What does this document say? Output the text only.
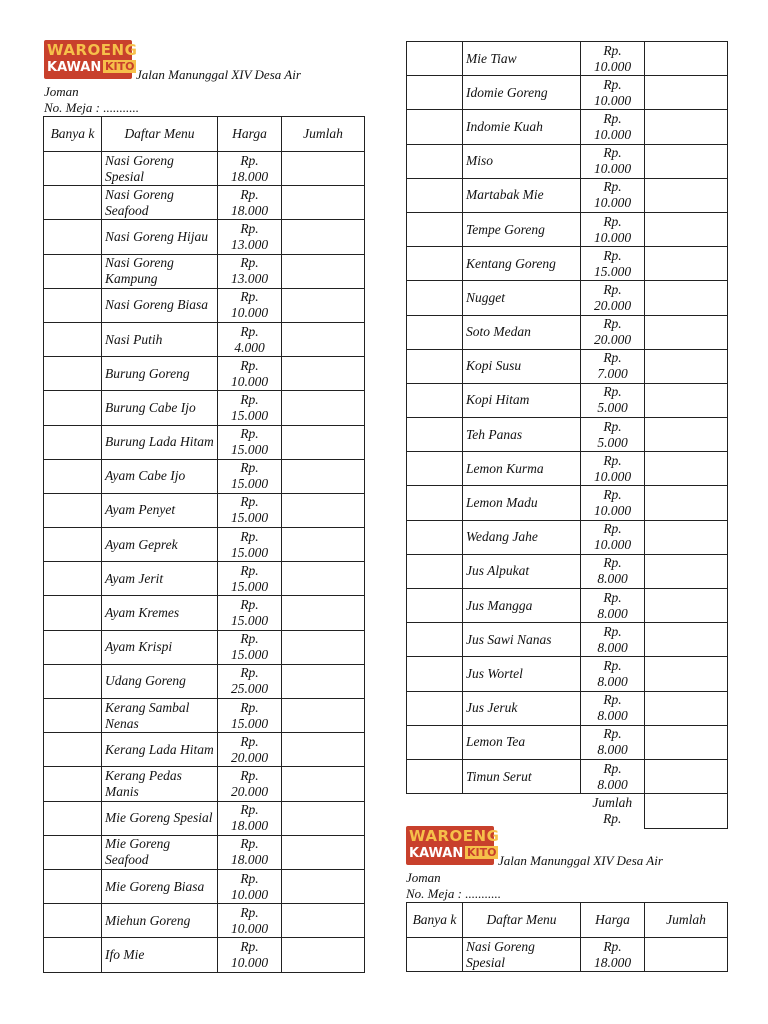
WAROENG
KAWAN KITO
Jalan Manunggal XIV Desa Air
Joman
No. Meja : ...........
Banya k	Daftar Menu	Harga	Jumlah
	Nasi Goreng Spesial	Rp.
18.000	
	Nasi Goreng Seafood	Rp.
18.000	
	Nasi Goreng Hijau	Rp.
13.000	
	Nasi Goreng Kampung	Rp.
13.000	
	Nasi Goreng Biasa	Rp.
10.000	
	Nasi Putih	Rp.
4.000	
	Burung Goreng	Rp.
10.000	
	Burung Cabe Ijo	Rp.
15.000	
	Burung Lada Hitam	Rp.
15.000	
	Ayam Cabe Ijo	Rp.
15.000	
	Ayam Penyet	Rp.
15.000	
	Ayam Geprek	Rp.
15.000	
	Ayam Jerit	Rp.
15.000	
	Ayam Kremes	Rp.
15.000	
	Ayam Krispi	Rp.
15.000	
	Udang Goreng	Rp.
25.000	
	Kerang Sambal Nenas	Rp.
15.000	
	Kerang Lada Hitam	Rp.
20.000	
	Kerang Pedas Manis	Rp.
20.000	
	Mie Goreng Spesial	Rp.
18.000	
	Mie Goreng Seafood	Rp.
18.000	
	Mie Goreng Biasa	Rp.
10.000	
	Miehun Goreng	Rp.
10.000	
	Ifo Mie	Rp.
10.000	
	Mie Tiaw	Rp.
10.000	
	Idomie Goreng	Rp.
10.000	
	Indomie Kuah	Rp.
10.000	
	Miso	Rp.
10.000	
	Martabak Mie	Rp.
10.000	
	Tempe Goreng	Rp.
10.000	
	Kentang Goreng	Rp.
15.000	
	Nugget	Rp.
20.000	
	Soto Medan	Rp.
20.000	
	Kopi Susu	Rp.
7.000	
	Kopi Hitam	Rp.
5.000	
	Teh Panas	Rp.
5.000	
	Lemon Kurma	Rp.
10.000	
	Lemon Madu	Rp.
10.000	
	Wedang Jahe	Rp.
10.000	
	Jus Alpukat	Rp.
8.000	
	Jus Mangga	Rp.
8.000	
	Jus Sawi Nanas	Rp.
8.000	
	Jus Wortel	Rp.
8.000	
	Jus Jeruk	Rp.
8.000	
	Lemon Tea	Rp.
8.000	
	Timun Serut	Rp.
8.000	
		Jumlah
Rp.	
WAROENG
KAWAN KITO
Jalan Manunggal XIV Desa Air
Joman
No. Meja : ...........
Banya k	Daftar Menu	Harga	Jumlah
	Nasi Goreng Spesial	Rp.
18.000	
